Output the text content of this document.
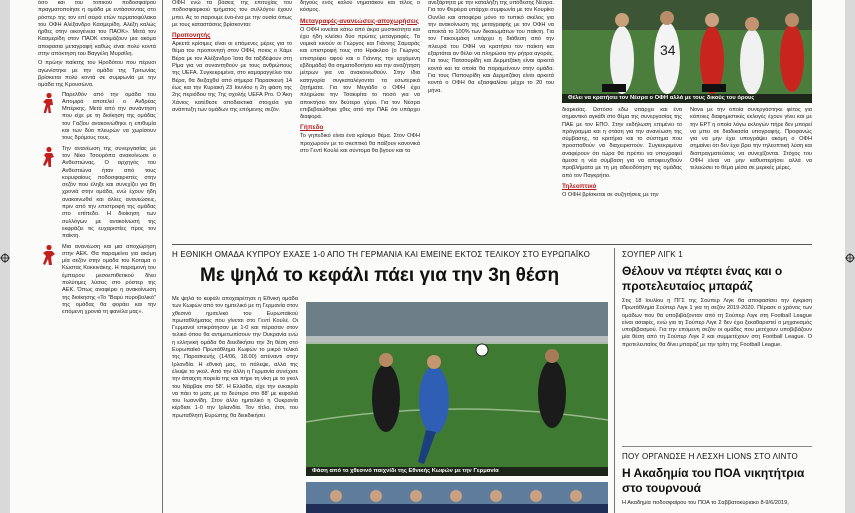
όσο και του τοπικού ποδοσφαίρου πραγματοποίησε η ομάδα με εντάσσοντας στο ρόστερ της τον επί σειρά ετών τερματοφύλακα του ΟΦΗ Αλέξανδρο Κασμερίδη. Αλέξη καλώς ήρθες στην οικογένεια του ΠΑΟΚ». Μετά τον Κασμερίδη στον ΠΑΟΚ ετοιμάζουν μια ακόμα αποφασια μεταγραφή καθώς είναι πολύ κοντά στην απόκτηση του Βαγγέλη Μυρσίλη.

Ο πρώην παίκτης του Ηροδότου που πέρυσι αγωνίστηκε με την ομάδα της Τριτωνίας βρίσκεται πολύ κοντά σε συμφωνία με την ομάδα της Κρουσώνα.

Παρελθόν από την ομάδα του Απομιρά αποτελεί ο Ανδρέας Μπέρκης. Μετά από την συνάντηση που είχε με τη διοίκηση της ομάδας του Γαζίου ανακοινώθηκε η επιθυμία και των δύο πλευρών να χωρίσουν τους δρόμους τους.

Την ανανέωση της συνεργασίας με τον Νίκο Τσουρόπα ανακοίνωσε ο Ανθεστιώνας. Ο αρχηγός του Ανθεστιώνα ήταν από τους κορυφαίους ποδοσφαιριστές στην σεζόν που έληξε και συνεχίζει για 8η χρονιά στην ομάδα, ενώ έχουν ήδη ανακοινωθεί και άλλες ανανεώσεις, πριν από την επιστροφή της ομάδας στο επίπεδο. Η διοίκηση των συλλόγων με ανακοίνωσή της εκφράζει τις ευχαριστίες προς τον παίκτη.

Μια ανανέωση και μια αποχώρηση στην ΑΕΚ. Θα παραμείνει για ακόμη μία σεζόν στην ομάδα του Κοταμα ο Κώστας Κοκκινάκης. Η παραμονή του έμπειρου μεσοεπιθετικού δίνει πολύτιμες λύσεις στο ρόστερ της ΑΕΚ. Όπως αναφέρει η ανακοίνωση της διοίκησης «Το "Βαρύ πυροβολικό" της ομάδας θα φοράει και την επόμενη χρονιά τη φανέλα μας».

ΟΦΗ ενώ τα βάσεις της επιτυχίας του ποδοσφαιρικού τμήματος του συλλόγου έχουν μπει. Ας το παρουμε ένα-ένα με την ουσία όπως με τους καταστάσεις βρίσκονται:

Προπονητής

Αρκετά κρίσιμες είναι οι επόμενες μέρες για το θέμα του προπονητή στον ΟΦΗ, ποιος ο Χάμε Βέρα με τον Αλέξανδρο Ίατα θα ταξιδέψουν στη Ρίμα για να συναντηθούν με τους ανθρώπους της UEFA. Συγκεκριμένα, στο καμαραγγέλιο του Βέρα, θα διεξαχθεί από σήμερα Παρασκευή 14 έως και την Κυριακή 23 Ιουνίου η 2η φάση της 2ης περιόδου της 7ης σχολής UEFA Pro. Ο Άκη Χάνιος κατέθεσε αποδεικτικά στοιχεία για ανάπτυξη των ομάδων της επόμενης σεζόν.

δηγούς ενός καλού νηματάκου και τέλος ο κόσμος.

Μεταγραφές-ανανεώσεις-αποχωρήσεις

Ο ΟΦΗ κινείται κάτω από άκρα μυστικότητα και έχει ήδη κλείσει δύο πρώτες μεταγραφές. Τα νομικά κινούν οι Γιώργος και Γιάννης Σαμαράς και επιστροφή τους στο Ηράκλειο (ο Γιώργος επιστρέφει αφού και ο Γιάννης την ερχόμενη εβδομάδα) θα σηματοδοτήσει και την αναζήτηση μέτρων για να ανακοινωθούν. Στην ίδια κατηγορία συγκαταλέγονται τα εσωτερικά ζητήματα. Για τον Μεγιάδο ο ΟΦΗ έχει πληρώσει την Τσακιρίτα το ποσό για να αποκτήσει τον δεύτερο γύρο. Για τον Νέσρα επιβεβαιώθηκε χθες από την ΠΑΕ ότι υπάρχει διαφορά.

Γήπεδο

Το γηπεδικό είναι ένα κρίσιμο θέμα. Στον ΟΦΗ προχωρούν με το σκεπτικό θα παίξουν κανονικά στο Γεντί Κουλέ και σύντομα θα βγουν και τα

ανεξάρτητα με την καταλήξη της υπόθεσης Νέσρα. Για τον Φερέιρα υπάρχει συμφωνία με τον Κουρίκο Ουνίλο και αποφέρει μόνο το τυπικό σκέλος για την ανακοίνωση της μεταγραφής με τον ΟΦΗ να αποκτά το 100% των δικαιωμάτων του παίκτη. Για τον Γιακουμάκη υπάρχει η διάθεση από την πλευρά του ΟΦΗ να κρατήσει τον παίκτη και εξαρτάται αν θέλει να πληρώσει την ρήτρα αγοράς. Για τους Πατσουρίδη και Δερμιτζάκη είναι αρκετά κοντά και τα οποία θα παραμείνουν στην ομάδα. Για τους Παπουρίδη και Δερμιτζάκη είναι αρκετά κοντά ο ΟΦΗ θα εξασφαλίσει μέχρι το 20 του μήνα.

34
Θέλει να κρατήσει τον Νέσρα ο ΟΦΗ αλλά με τους δικούς του όρους

διαρκείας. Ωστόσο εδώ υπάρχει και ένα σημαντικό αγκάθι στο θέμα της συνεργασίας της ΠΑΕ με τον ΕΠΟ. Στην εκδήλωση επιμένει το πρόγραμμα και η στάση για την ανανέωση της σύμβασης, τα κριτήρια και το σύστημα που προσπαθούν να διαχειριστούν. Συγκεκριμένα αναφέρουν ότι τώρα θα πρέπει να υπογραφεί άμεσα η νέα σύμβαση για να αποφευχθούν προβλήματα με τη μη αδειοδότηση της ομάδας από τον Παγκρήτιο.

Τηλεοπτικό

Ο ΟΦΗ βρίσκεται σε συζητήσεις με την

Nova με την οποία συνεργάστηκε φέτος για κάποιες διαφημιστικές εκλογές έχουν γίνει και με την ΕΡΤ η οποία λόγω εκλογών πήρε δεν μπορεί να μπει σε διαδικασία υπογραφής. Προφανώς για να μην έχει υπογράψει ακόμη ο ΟΦΗ σημαίνει ότι δεν έχει βρει την τηλεοπτική λύση και διαπραγματεύσεις να συνεχίζονται. Στόχος του ΟΦΗ είναι να μην καθυστερήσει αλλά να τελειώσει το θέμα μέσα σε μερικές μέρες.

Η ΕΘΝΙΚΗ ΟΜΑΔΑ ΚΥΠΡΟΥ ΕΧΑΣΕ 1-0 ΑΠΟ ΤΗ ΓΕΡΜΑΝΙΑ ΚΑΙ ΕΜΕΙΝΕ ΕΚΤΟΣ ΤΕΛΙΚΟΥ ΣΤΟ ΕΥΡΩΠΑΪΚΟ
Με ψηλά το κεφάλι πάει για την 3η θέση

Με ψηλά το κεφάλι αποχαιρέτησε η Εθνική ομάδα των Κωφών από τον ημιτελικό με τη Γερμανία στον χθεσινό ημιτελικό του Ευρωπαϊκού πρωταθλήματος που γίνεται στο Γεντί Κουλέ. Οι Γερμανοί επικράτησαν με 1-0 και πέρασαν στον τελικό όπου θα αντιμετωπίσουν την Ουκρανία ενώ η ελληνική ομάδα θα διεκδικήσει την 3η θέση στο Ευρωπαϊκό Πρωτάθλημα Κωφών το μικρό τελικό της Παρασκευής (14/06, 18.00) απέναντι στην Ιρλανδία. Η εθνική μας, το πάλεψε, αλλά της έλειψε το γκολ. Από την άλλη η Γερμανία συνέχισε την άπαιχτη πορεία της και πήρε τη νίκη με το γκολ του Νάρβακ στο 58'. Η Ελλάδα, είχε την ευκαιρία να πάει το ματς με το δεύτερο στο 88' με κεφαλιά του Ιωαννίδη. Στον άλλο ημιτελικό η Ουκρανία κέρδισε 1-0 την Ιρλανδία. Τον τίτλο, έτσι, του πρωταθλητή Ευρώπης θα διεκδικήσει

Φάση από το χθεσινό παιχνίδι της Εθνικής Κωφών με την Γερμανία
ΣΟΥΠΕΡ ΛΙΓΚ 1
Θέλουν να πέφτει ένας και ο προτελευταίος μπαράζ

Στις 18 Ιουλίου η ΠΓΣ της Σούπερ Λιγκ θα αποφασίσει την έγκριση Πρωτάθλημα Σούπερ Λιγκ 1 για τη σεζόν 2019-2020. Πέρασε ο χρόνος των ομάδων που θα υποβιβάζονταν από τη Σούπερ Λιγκ στη Football League είναι ασαφές, ενώ για τη Σούπερ Λιγκ 2 δεν έχει ξεκαθαριστεί ο μηχανισμός υποβιβασμού. Για την επόμενη σεζόν οι ομάδες που μετέχουν υποβιβάζουν μία θέση από τη Σούπερ Λιγκ 2 και συμμετέχουν στη Football League. Ο προτελευταίος θα δίνει μπαράζ με την τρίτη της Football League.

ΠΟΥ ΟΡΓΑΝΩΣΕ Η ΛΕΣΧΗ LIONS ΣΤΟ ΛΙΝΤΟ
Η Ακαδημία του ΠΟΑ νικητήτρια στο τουρνουά

Η Ακαδημία ποδοσφαίρου του ΠΟΑ το Σαββατοκύριακο 8-9/6/2019,
